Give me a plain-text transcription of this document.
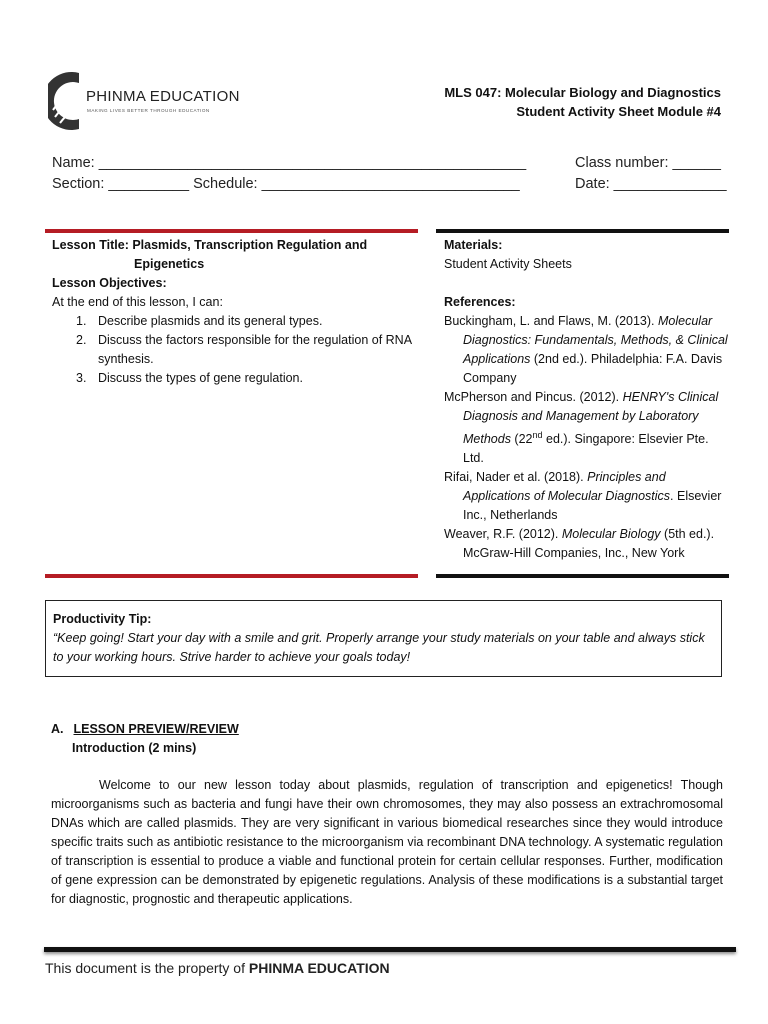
PHINMA EDUCATION
MAKING LIVES BETTER THROUGH EDUCATION
MLS 047: Molecular Biology and Diagnostics
Student Activity Sheet Module #4
Name: _____________________________________________________	Class number: ______
Section: __________ Schedule: ________________________________	Date: ______________
Lesson Title: Plasmids, Transcription Regulation and
Epigenetics
Lesson Objectives:
At the end of this lesson, I can:
1. Describe plasmids and its general types.
2. Discuss the factors responsible for the regulation of RNA synthesis.
3. Discuss the types of gene regulation.
Materials:
Student Activity Sheets
References:
Buckingham, L. and Flaws, M. (2013). Molecular Diagnostics: Fundamentals, Methods, & Clinical Applications (2nd ed.). Philadelphia: F.A. Davis Company
McPherson and Pincus. (2012). HENRY's Clinical Diagnosis and Management by Laboratory Methods (22nd ed.). Singapore: Elsevier Pte. Ltd.
Rifai, Nader et al. (2018). Principles and Applications of Molecular Diagnostics. Elsevier Inc., Netherlands
Weaver, R.F. (2012). Molecular Biology (5th ed.). McGraw-Hill Companies, Inc., New York
Productivity Tip:
“Keep going! Start your day with a smile and grit. Properly arrange your study materials on your table and always stick to your working hours. Strive harder to achieve your goals today!
A. LESSON PREVIEW/REVIEW
Introduction (2 mins)
Welcome to our new lesson today about plasmids, regulation of transcription and epigenetics! Though microorganisms such as bacteria and fungi have their own chromosomes, they may also possess an extrachromosomal DNAs which are called plasmids. They are very significant in various biomedical researches since they would introduce specific traits such as antibiotic resistance to the microorganism via recombinant DNA technology. A systematic regulation of transcription is essential to produce a viable and functional protein for certain cellular responses. Further, modification of gene expression can be demonstrated by epigenetic regulations. Analysis of these modifications is a substantial target for diagnostic, prognostic and therapeutic applications.
This document is the property of PHINMA EDUCATION
